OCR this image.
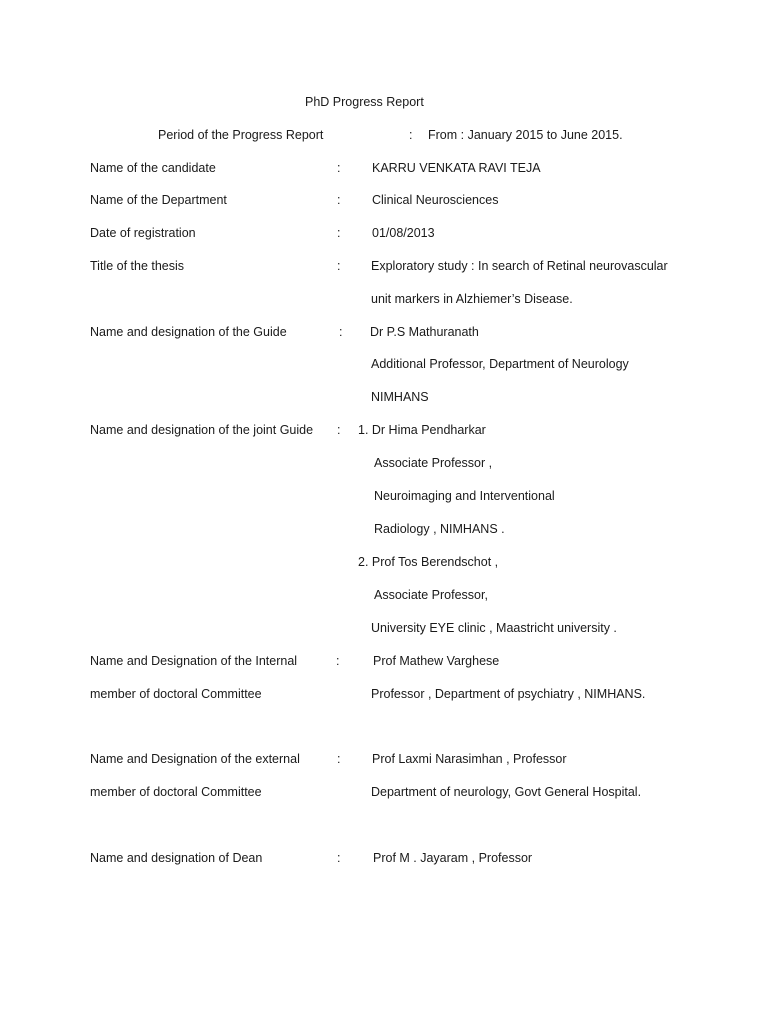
PhD Progress Report
Period of the Progress Report	: From : January 2015 to June 2015.
Name of the candidate	:	KARRU VENKATA RAVI TEJA
Name of the Department	:	Clinical Neurosciences
Date of registration	:	01/08/2013
Title of the thesis	: Exploratory study : In search of Retinal neurovascular
unit markers in Alzhiemer’s Disease.
Name and designation of the Guide	: Dr P.S Mathuranath
Additional Professor, Department of Neurology
NIMHANS
Name and designation of the joint Guide : 1. Dr Hima Pendharkar
Associate Professor ,
Neuroimaging and Interventional
Radiology , NIMHANS .
2. Prof Tos Berendschot ,
Associate Professor,
University EYE clinic , Maastricht university .
Name and Designation of the Internal
member of doctoral Committee
:	Prof Mathew Varghese
Professor , Department of psychiatry , NIMHANS.
Name and Designation of the external
member of doctoral Committee
:	Prof Laxmi Narasimhan , Professor
Department of neurology, Govt General Hospital.
Name and designation of Dean	:	Prof M . Jayaram , Professor
